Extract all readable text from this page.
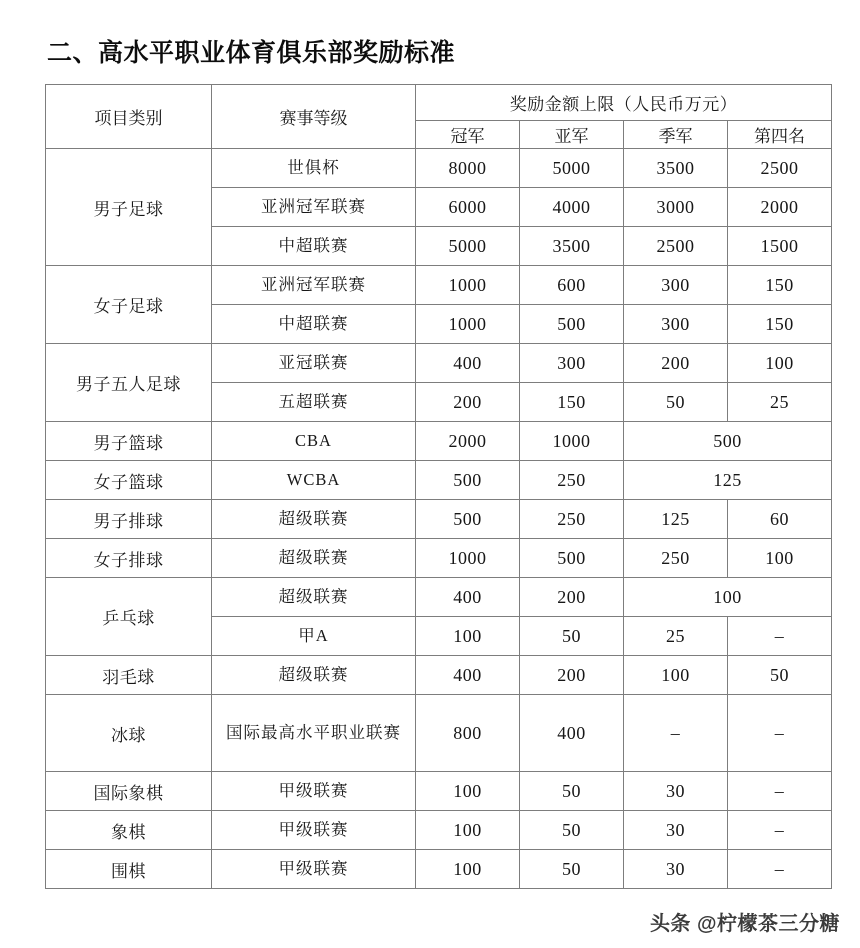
二、高水平职业体育俱乐部奖励标准
项目类别	赛事等级	奖励金额上限（人民币万元）			
		冠军	亚军	季军	第四名
男子足球	世俱杯	8000	5000	3500	2500
	亚洲冠军联赛	6000	4000	3000	2000
	中超联赛	5000	3500	2500	1500
女子足球	亚洲冠军联赛	1000	600	300	150
	中超联赛	1000	500	300	150
男子五人足球	亚冠联赛	400	300	200	100
	五超联赛	200	150	50	25
男子篮球	CBA	2000	1000	500	
女子篮球	WCBA	500	250	125	
男子排球	超级联赛	500	250	125	60
女子排球	超级联赛	1000	500	250	100
乒乓球	超级联赛	400	200	100	
	甲A	100	50	25	–
羽毛球	超级联赛	400	200	100	50
冰球	国际最高水平职业联赛	800	400	–	–
国际象棋	甲级联赛	100	50	30	–
象棋	甲级联赛	100	50	30	–
围棋	甲级联赛	100	50	30	–
头条 @柠檬茶三分糖
